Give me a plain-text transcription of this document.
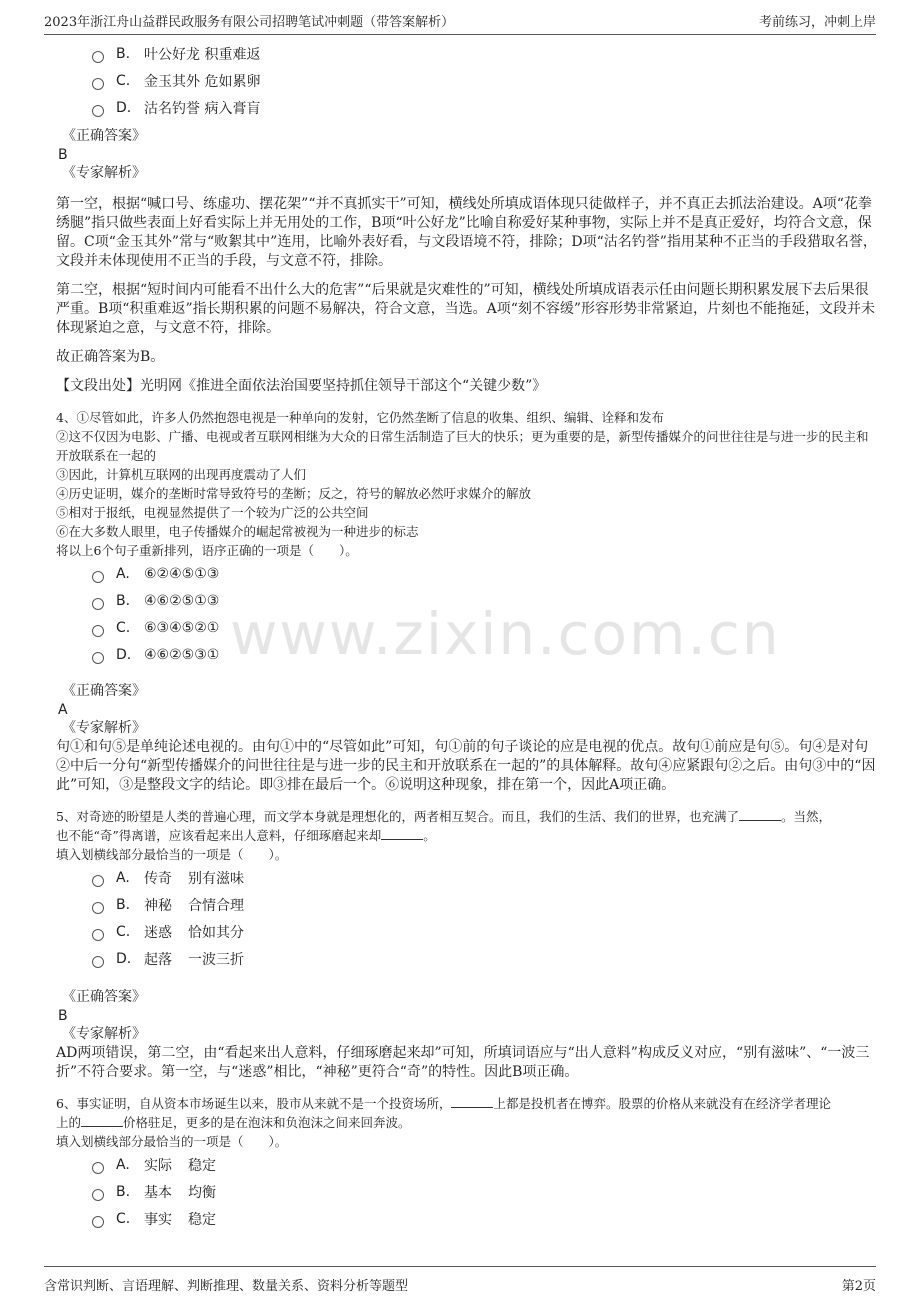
2023年浙江舟山益群民政服务有限公司招聘笔试冲刺题（带答案解析）	考前练习，冲刺上岸
www.zixin.com.cn
B. 叶公好龙 积重难返
C. 金玉其外 危如累卵
D. 沽名钓誉 病入膏肓
《正确答案》
B
《专家解析》
第一空，根据“喊口号、练虚功、摆花架”“并不真抓实干”可知，横线处所填成语体现只徒做样子，并不真正去抓法治建设。A项“花拳绣腿”指只做些表面上好看实际上并无用处的工作，B项“叶公好龙”比喻自称爱好某种事物，实际上并不是真正爱好，均符合文意，保留。C项“金玉其外”常与“败絮其中”连用，比喻外表好看，与文段语境不符，排除；D项“沽名钓誉”指用某种不正当的手段猎取名誉，文段并未体现使用不正当的手段，与文意不符，排除。
第二空，根据“短时间内可能看不出什么大的危害”“后果就是灾难性的”可知，横线处所填成语表示任由问题长期积累发展下去后果很严重。B项“积重难返”指长期积累的问题不易解决，符合文意，当选。A项“刻不容缓”形容形势非常紧迫，片刻也不能拖延，文段并未体现紧迫之意，与文意不符，排除。
故正确答案为B。
【文段出处】光明网《推进全面依法治国要坚持抓住领导干部这个“关键少数”》
4、①尽管如此，许多人仍然抱怨电视是一种单向的发射，它仍然垄断了信息的收集、组织、编辑、诠释和发布
②这不仅因为电影、广播、电视或者互联网相继为大众的日常生活制造了巨大的快乐；更为重要的是，新型传播媒介的问世往往是与进一步的民主和开放联系在一起的
③因此，计算机互联网的出现再度震动了人们
④历史证明，媒介的垄断时常导致符号的垄断；反之，符号的解放必然吁求媒介的解放
⑤相对于报纸，电视显然提供了一个较为广泛的公共空间
⑥在大多数人眼里，电子传播媒介的崛起常被视为一种进步的标志
将以上6个句子重新排列，语序正确的一项是（　　）。
A.	⑥②④⑤①③
B. ④⑥②⑤①③
C. ⑥③④⑤②①
D. ④⑥②⑤③①
《正确答案》
A
《专家解析》
句①和句⑤是单纯论述电视的。由句①中的“尽管如此”可知，句①前的句子谈论的应是电视的优点。故句①前应是句⑤。句④是对句②中后一分句“新型传播媒介的问世往往是与进一步的民主和开放联系在一起的”的具体解释。故句④应紧跟句②之后。由句③中的“因此”可知，③是整段文字的结论。即③排在最后一个。⑥说明这种现象，排在第一个，因此A项正确。
5、对奇迹的盼望是人类的普遍心理，而文学本身就是理想化的，两者相互契合。而且，我们的生活、我们的世界，也充满了	。当然，
也不能“奇”得离谱，应该看起来出人意料，仔细琢磨起来却	。
填入划横线部分最恰当的一项是（　　）。
A.	传奇 别有滋味
B. 神秘 合情合理
C. 迷惑 恰如其分
D. 起落 一波三折
《正确答案》
B
《专家解析》
AD两项错误，第二空，由“看起来出人意料，仔细琢磨起来却”可知，所填词语应与“出人意料”构成反义对应，“别有滋味”、“一波三折”不符合要求。第一空，与“迷惑”相比，“神秘”更符合“奇”的特性。因此B项正确。
6、事实证明，自从资本市场诞生以来，股市从来就不是一个投资场所，	上都是投机者在博弈。股票的价格从来就没有在经济学者理论
上的	价格驻足，更多的是在泡沫和负泡沫之间来回奔波。
填入划横线部分最恰当的一项是（　　）。
A.	实际 稳定
B. 基本 均衡
C. 事实 稳定
含常识判断、言语理解、判断推理、数量关系、资料分析等题型	第2页
